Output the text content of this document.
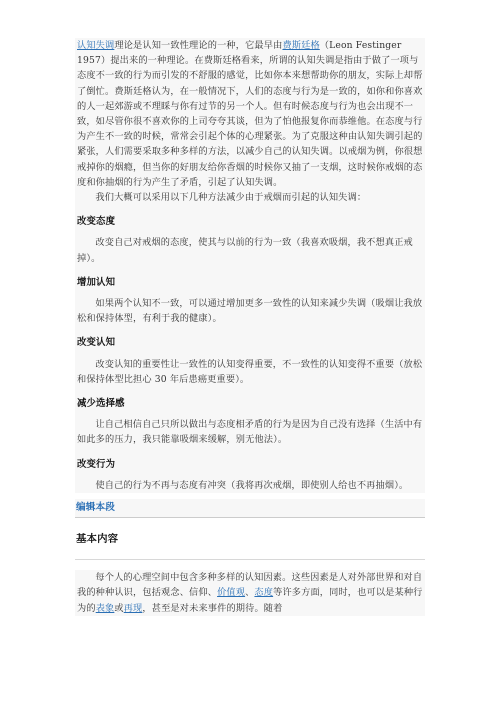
认知失调理论是认知一致性理论的一种，它最早由费斯廷格（Leon Festinger 1957）提出来的一种理论。在费斯廷格看来，所谓的认知失调是指由于做了一项与态度不一致的行为而引发的不舒服的感觉，比如你本来想帮助你的朋友，实际上却帮了倒忙。费斯廷格认为，在一般情况下，人们的态度与行为是一致的，如你和你喜欢的人一起郊游或不理睬与你有过节的另一个人。但有时候态度与行为也会出现不一致，如尽管你很不喜欢你的上司夸夸其谈，但为了怕他报复你而恭维他。在态度与行为产生不一致的时候，常常会引起个体的心理紧张。为了克服这种由认知失调引起的紧张，人们需要采取多种多样的方法，以减少自己的认知失调。以戒烟为例，你很想戒掉你的烟瘾，但当你的好朋友给你香烟的时候你又抽了一支烟，这时候你戒烟的态度和你抽烟的行为产生了矛盾，引起了认知失调。

我们大概可以采用以下几种方法减少由于戒烟而引起的认知失调：

改变态度

改变自己对戒烟的态度，使其与以前的行为一致（我喜欢吸烟，我不想真正戒掉）。

增加认知

如果两个认知不一致，可以通过增加更多一致性的认知来减少失调（吸烟让我放松和保持体型，有利于我的健康）。

改变认知

改变认知的重要性让一致性的认知变得重要，不一致性的认知变得不重要（放松和保持体型比担心 30 年后患癌更重要）。

减少选择感

让自己相信自己只所以做出与态度相矛盾的行为是因为自己没有选择（生活中有如此多的压力，我只能靠吸烟来缓解，别无他法）。

改变行为

使自己的行为不再与态度有冲突（我将再次戒烟，即使别人给也不再抽烟）。

编辑本段
基本内容

每个人的心理空间中包含多种多样的认知因素。这些因素是人对外部世界和对自我的种种认识，包括观念、信仰、价值观、态度等许多方面，同时，也可以是某种行为的表象或再现，甚至是对未来事件的期待。随着
